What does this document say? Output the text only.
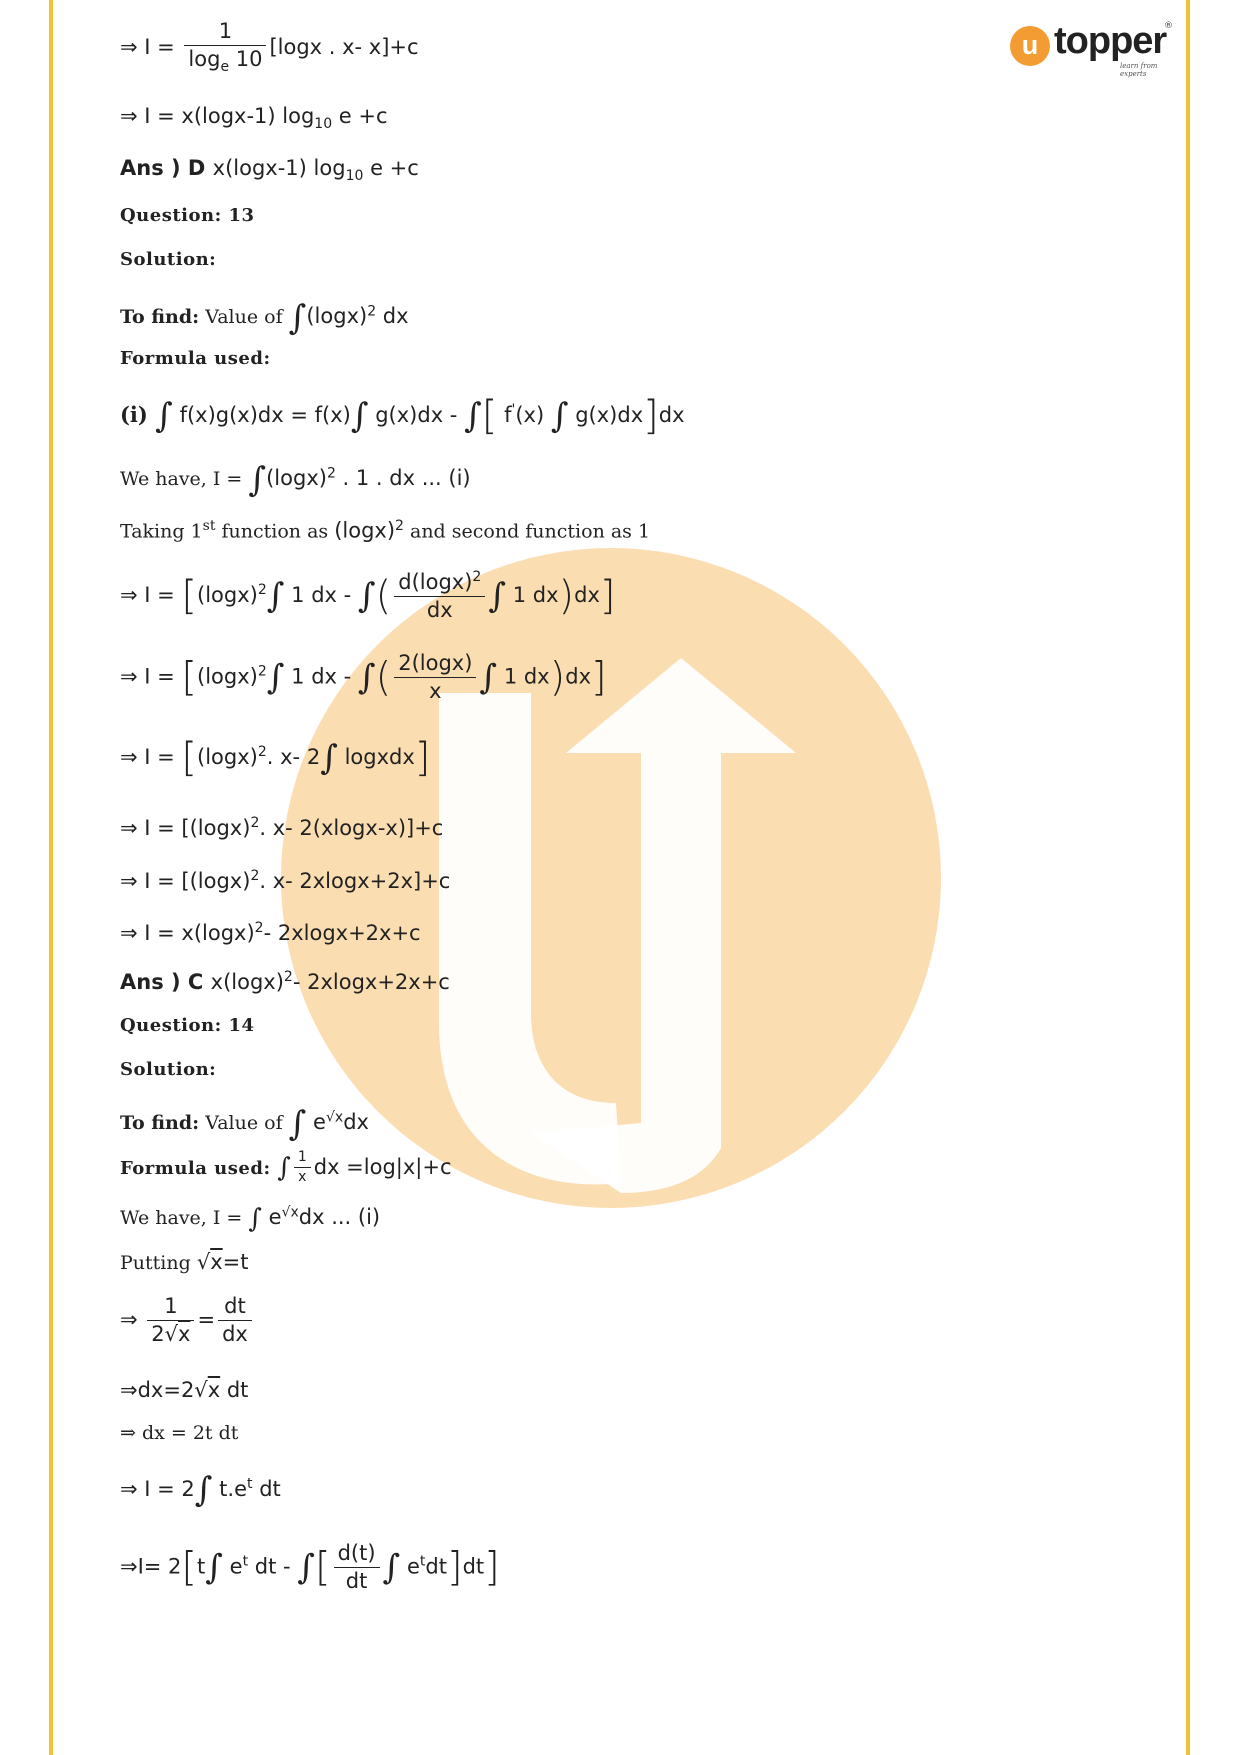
u topper
®
learn from experts
⇒ $I = \frac{1}{\log_e 10} [\log x$ . x- x]+c
⇒ I = x(logx-1) $\log_{10} e +c$
Ans ) D x(logx-1) $\log_{10} e +c$
Question: 13
Solution:
To find: Value of $\int(\log x)^2$ dx
Formula used:
(i) ∫ f(x)g(x)dx = f(x)∫ g(x)dx - ∫[ f'(x) ∫ g(x)dx]dx
We have, $I = \int(\log x)^2$ . 1 . dx ... (i)
Taking 1st function as $(\log x)^2$ and second function as 1
⇒ $I = [(\log x)^2\int$ 1 dx - ∫( $\frac{d(\log x)^2}{dx}$ ∫ 1 dx)dx]
⇒ $I = [(\log x)^2\int$ 1 dx - ∫( $\frac{2(\log x)}{x}$ ∫ 1 dx)dx]
⇒ $I = [(\log x)^2$. x- 2∫ logxdx]
⇒ $I = [(\log x)^2$. x- 2(xlogx-x)]+c
⇒ $I = [(\log x)^2$. x- 2xlogx+2x]+c
⇒ $I = x(\log x)^2-$ 2xlogx+2x+c
Ans ) C $x(\log x)^2-$ 2xlogx+2x+c
Question: 14
Solution:
To find: Value of ∫ $e^{√x}dx$
Formula used: ∫ $\frac{1}{x}$ dx =log|x|+c
We have, I = ∫ $e^{√x}dx$ ... (i)
Putting √x=t
⇒ $\frac{1}{2√x} = \frac{dt}{dx}$
⇒dx=2√x dt
⇒ dx = 2t dt
⇒ I = 2∫ $t.e^t$ dt
⇒I= 2[t∫ $e^t$ dt - ∫[ $\frac{d(t)}{dt}$ ∫ $e^tdt]dt$]
